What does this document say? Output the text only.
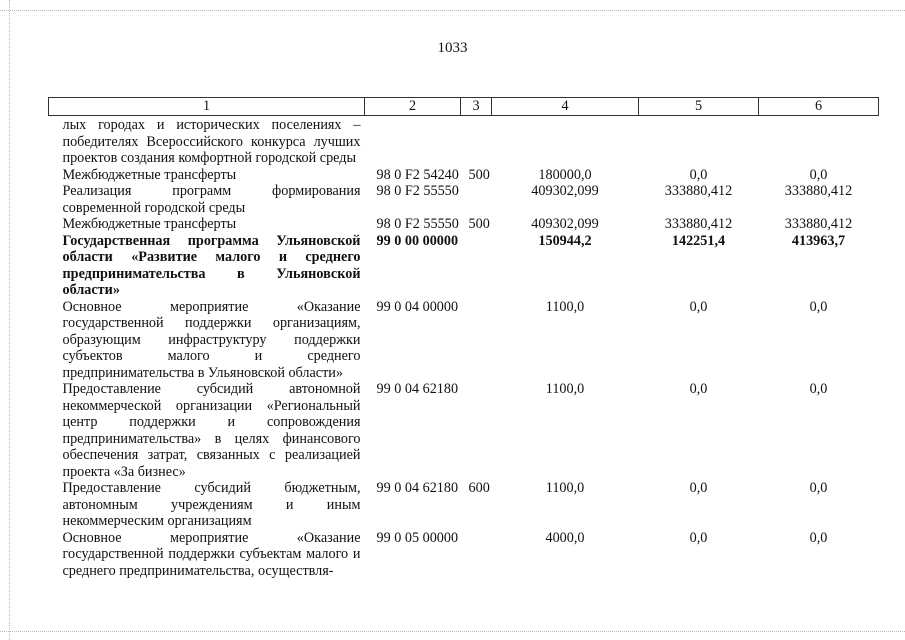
1033
1	2	3	4	5	6
лых городах и исторических поселениях – победителях Всероссийского конкурса лучших проектов создания комфортной городской среды					
Межбюджетные трансферты	98 0 F2 54240	500	180000,0	0,0	0,0
Реализация программ формирования современной городской среды	98 0 F2 55550		409302,099	333880,412	333880,412
Межбюджетные трансферты	98 0 F2 55550	500	409302,099	333880,412	333880,412
Государственная программа Ульяновской области «Развитие малого и среднего предпринимательства в Ульяновской области»	99 0 00 00000		150944,2	142251,4	413963,7
Основное мероприятие «Оказание государственной поддержки организациям, образующим инфраструктуру поддержки субъектов малого и среднего предпринимательства в Ульяновской области»	99 0 04 00000		1100,0	0,0	0,0
Предоставление субсидий автономной некоммерческой организации «Региональный центр поддержки и сопровождения предпринимательства» в целях финансового обеспечения затрат, связанных с реализацией проекта «За бизнес»	99 0 04 62180		1100,0	0,0	0,0
Предоставление субсидий бюджетным, автономным учреждениям и иным некоммерческим организациям	99 0 04 62180	600	1100,0	0,0	0,0
Основное мероприятие «Оказание государственной поддержки субъектам малого и среднего предпринимательства, осуществля-	99 0 05 00000		4000,0	0,0	0,0
